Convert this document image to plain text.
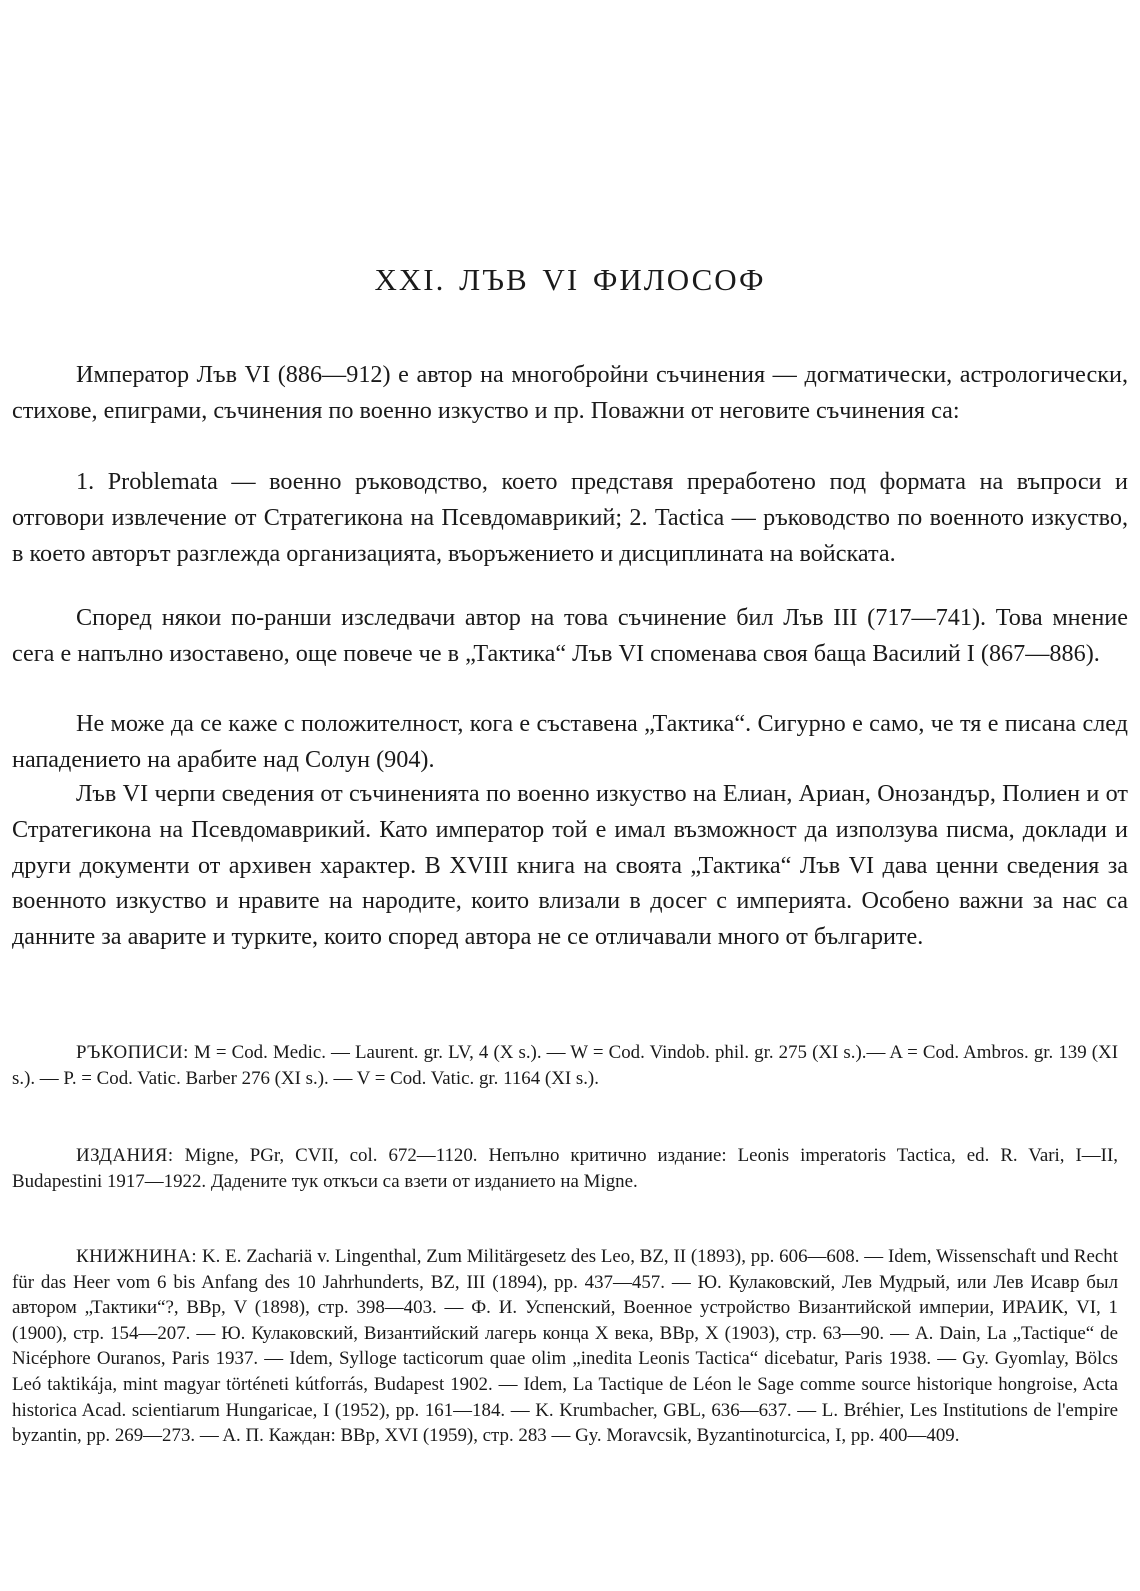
XXI. ЛЪВ VI ФИЛОСОФ
Император Лъв VI (886—912) е автор на многобройни съчинения — догматически, астрологически, стихове, епиграми, съчинения по военно изкуство и пр. Поважни от неговите съчинения са:
1. Problemata — военно ръководство, което представя преработено под формата на въпроси и отговори извлечение от Стратегикона на Псевдомаврикий; 2. Tactica — ръководство по военното изкуство, в което авторът разглежда организацията, въоръжението и дисциплината на войската.
Според някои по-ранши изследвачи автор на това съчинение бил Лъв III (717—741). Това мнение сега е напълно изоставено, още повече че в „Тактика“ Лъв VI споменава своя баща Василий I (867—886).
Не може да се каже с положителност, кога е съставена „Тактика“. Сигурно е само, че тя е писана след нападението на арабите над Солун (904).
Лъв VI черпи сведения от съчиненията по военно изкуство на Елиан, Ариан, Онозандър, Полиен и от Стратегикона на Псевдомаврикий. Като император той е имал възможност да използува писма, доклади и други документи от архивен характер. В XVIII книга на своята „Тактика“ Лъв VI дава ценни сведения за военното изкуство и нравите на народите, които влизали в досег с империята. Особено важни за нас са данните за аварите и турките, които според автора не се отличавали много от българите.
РЪКОПИСИ: M = Cod. Medic. — Laurent. gr. LV, 4 (X s.). — W = Cod. Vindob. phil. gr. 275 (XI s.).— A = Cod. Ambros. gr. 139 (XI s.). — P. = Cod. Vatic. Barber 276 (XI s.). — V = Cod. Vatic. gr. 1164 (XI s.).
ИЗДАНИЯ: Migne, PGr, CVII, col. 672—1120. Непълно критично издание: Leonis imperatoris Tactica, ed. R. Vari, I—II, Budapestini 1917—1922. Дадените тук откъси са взети от изданието на Migne.
КНИЖНИНА: K. E. Zachariä v. Lingenthal, Zum Militärgesetz des Leo, BZ, II (1893), pp. 606—608. — Idem, Wissenschaft und Recht für das Heer vom 6 bis Anfang des 10 Jahrhunderts, BZ, III (1894), pp. 437—457. — Ю. Кулаковский, Лев Мудрый, или Лев Исавр был автором „Тактики“?, ВВр, V (1898), стр. 398—403. — Ф. И. Успенский, Военное устройство Византийской империи, ИРАИК, VI, 1 (1900), стр. 154—207. — Ю. Кулаковский, Византийский лагерь конца X века, ВВр, X (1903), стр. 63—90. — A. Dain, La „Tactique“ de Nicéphore Ouranos, Paris 1937. — Idem, Sylloge tacticorum quae olim „inedita Leonis Tactica“ dicebatur, Paris 1938. — Gy. Gyomlay, Bölcs Leó taktikája, mint magyar történeti kútforrás, Budapest 1902. — Idem, La Tactique de Léon le Sage comme source historique hongroise, Acta historica Acad. scientiarum Hungaricae, I (1952), pp. 161—184. — K. Krumbacher, GBL, 636—637. — L. Bréhier, Les Institutions de l'empire byzantin, pp. 269—273. — A. П. Каждан: ВВр, XVI (1959), стр. 283 — Gy. Moravcsik, Byzantinoturcica, I, pp. 400—409.
